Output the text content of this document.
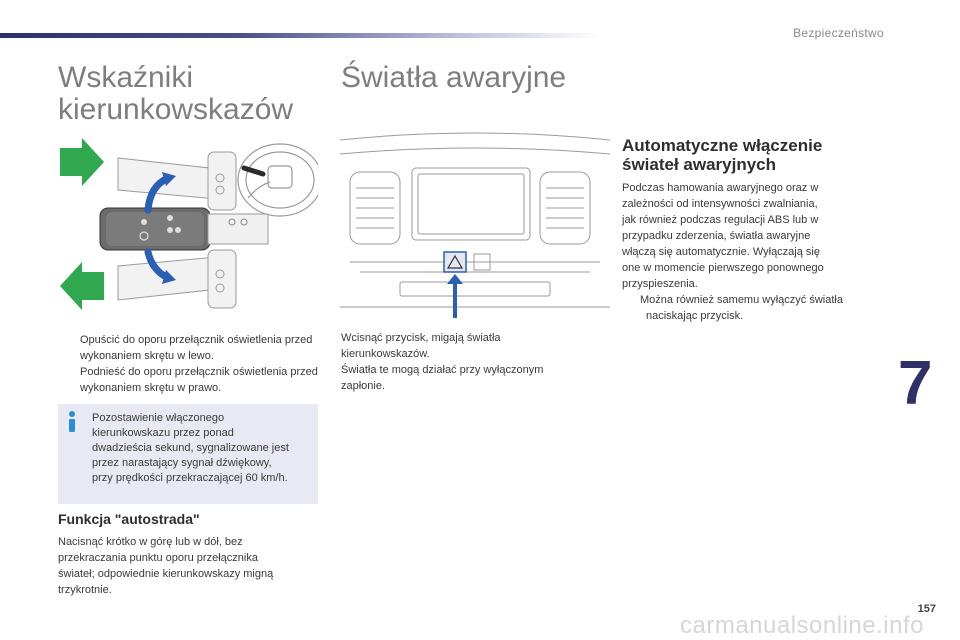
Bezpieczeństwo
Wskaźniki
kierunkowskazów
Opuścić do oporu przełącznik oświetlenia przed wykonaniem skrętu w lewo.
Podnieść do oporu przełącznik oświetlenia przed wykonaniem skrętu w prawo.
Pozostawienie włączonego
kierunkowskazu przez ponad
dwadzieścia sekund, sygnalizowane jest
przez narastający sygnał dźwiękowy,
przy prędkości przekraczającej 60 km/h.
Funkcja "autostrada"
Nacisnąć krótko w górę lub w dół, bez
przekraczania punktu oporu przełącznika
świateł; odpowiednie kierunkowskazy migną
trzykrotnie.
Światła awaryjne
Wcisnąć przycisk, migają światła
kierunkowskazów.
Światła te mogą działać przy wyłączonym
zapłonie.
Automatyczne włączenie
świateł awaryjnych
Podczas hamowania awaryjnego oraz w
zależności od intensywności zwalniania,
jak również podczas regulacji ABS lub w
przypadku zderzenia, światła awaryjne
włączą się automatycznie. Wyłączają się
one w momencie pierwszego ponownego
przyspieszenia.
Można również samemu wyłączyć światła
naciskając przycisk.
7
157
carmanualsonline.info
